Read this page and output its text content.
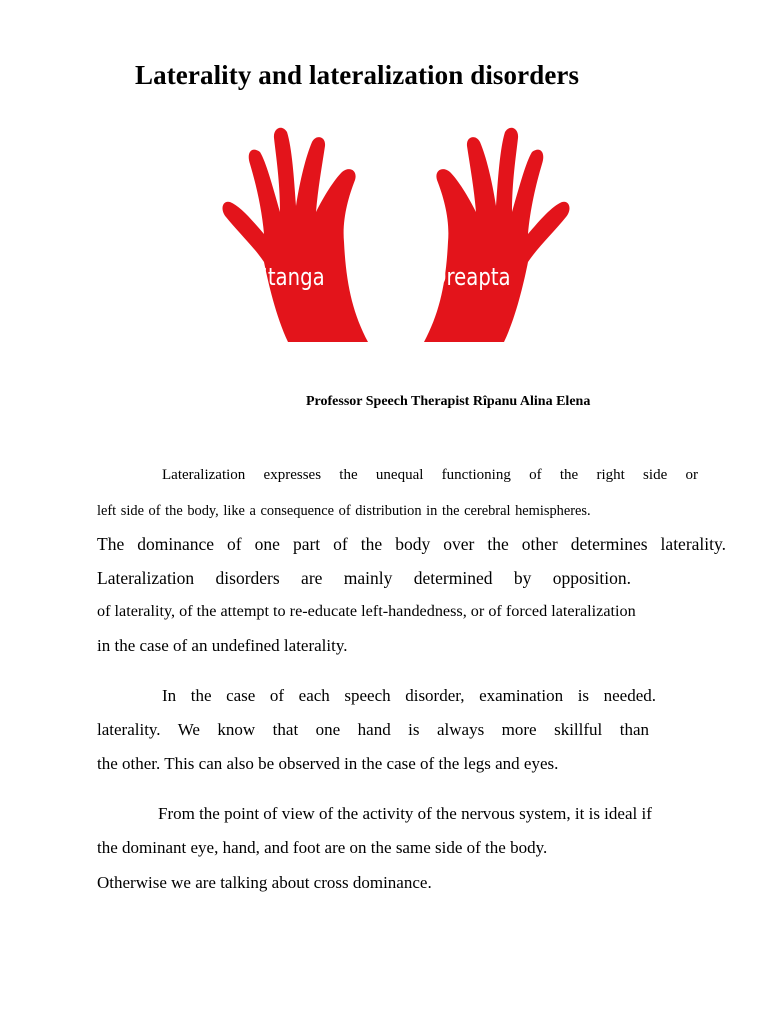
Laterality and lateralization disorders
Stanga	Dreapta
Professor Speech Therapist Rîpanu Alina Elena
Lateralization expresses the unequal functioning of the right side or
left side of the body, like a consequence of distribution in the cerebral hemispheres.
The dominance of one part of the body over the other determines laterality.
Lateralization disorders are mainly determined by opposition.
of laterality, of the attempt to re-educate left-handedness, or of forced lateralization
in the case of an undefined laterality.
In the case of each speech disorder, examination is needed.
laterality. We know that one hand is always more skillful than
the other. This can also be observed in the case of the legs and eyes.
From the point of view of the activity of the nervous system, it is ideal if
the dominant eye, hand, and foot are on the same side of the body.
Otherwise we are talking about cross dominance.
